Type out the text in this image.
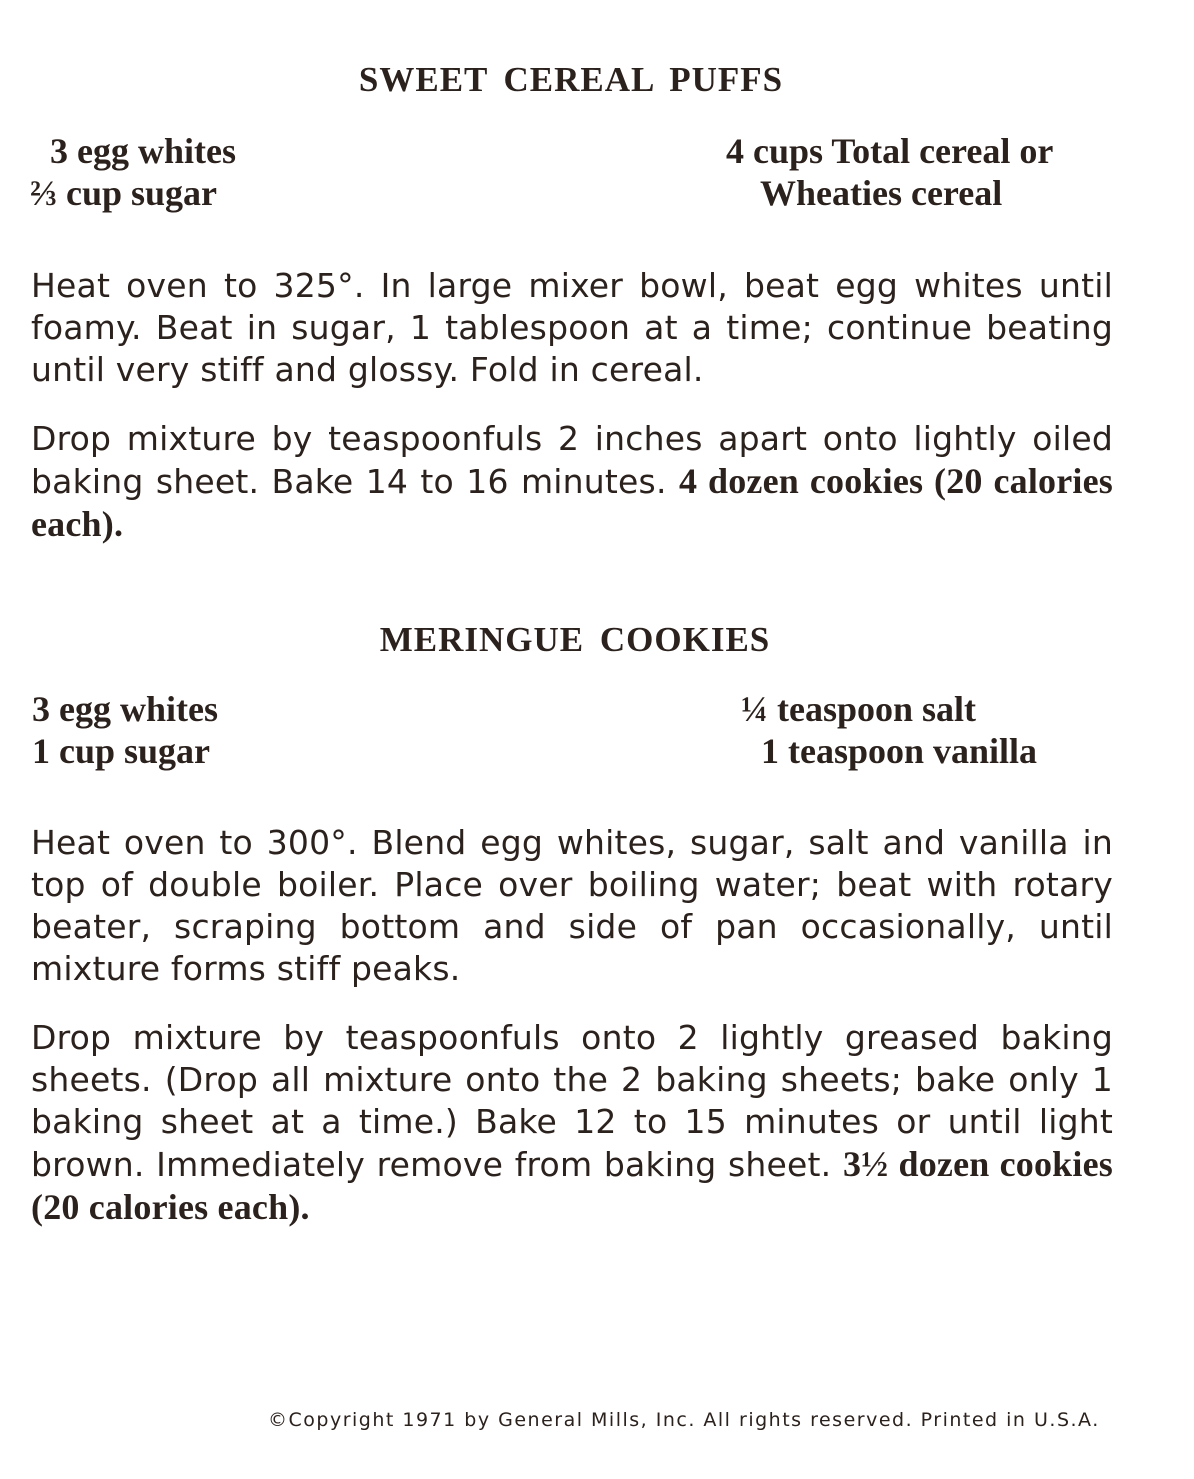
SWEET CEREAL PUFFS
3 egg whites
⅔ cup sugar
4 cups Total cereal or
Wheaties cereal

Heat oven to 325°. In large mixer bowl, beat egg whites until foamy. Beat in sugar, 1 tablespoon at a time; continue beating until very stiff and glossy. Fold in cereal.

Drop mixture by teaspoonfuls 2 inches apart onto lightly oiled baking sheet. Bake 14 to 16 minutes. 4 dozen cookies (20 calories each).

MERINGUE COOKIES
3 egg whites
1 cup sugar
¼ teaspoon salt
1 teaspoon vanilla

Heat oven to 300°. Blend egg whites, sugar, salt and vanilla in top of double boiler. Place over boiling water; beat with rotary beater, scraping bottom and side of pan occasionally, until mixture forms stiff peaks.

Drop mixture by teaspoonfuls onto 2 lightly greased baking sheets. (Drop all mixture onto the 2 baking sheets; bake only 1 baking sheet at a time.) Bake 12 to 15 minutes or until light brown. Immediately remove from baking sheet. 3½ dozen cookies (20 calories each).

©Copyright 1971 by General Mills, Inc. All rights reserved. Printed in U.S.A.
